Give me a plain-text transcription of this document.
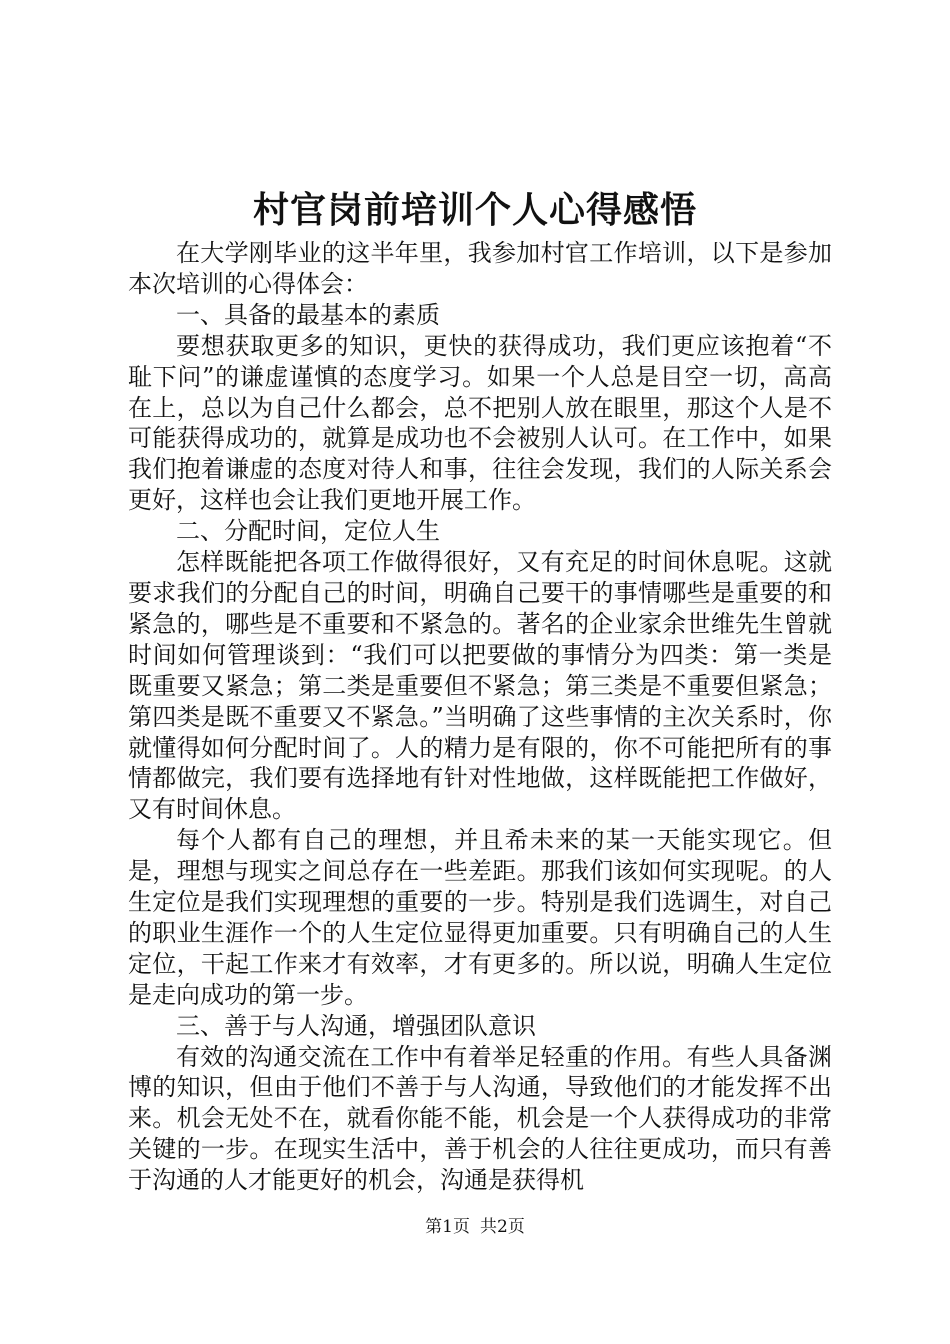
村官岗前培训个人心得感悟

在大学刚毕业的这半年里，我参加村官工作培训，以下是参加本次培训的心得体会：

一、具备的最基本的素质

要想获取更多的知识，更快的获得成功，我们更应该抱着“不耻下问”的谦虚谨慎的态度学习。如果一个人总是目空一切，高高在上，总以为自己什么都会，总不把别人放在眼里，那这个人是不可能获得成功的，就算是成功也不会被别人认可。在工作中，如果我们抱着谦虚的态度对待人和事，往往会发现，我们的人际关系会更好，这样也会让我们更地开展工作。

二、分配时间，定位人生

怎样既能把各项工作做得很好，又有充足的时间休息呢。这就要求我们的分配自己的时间，明确自己要干的事情哪些是重要的和紧急的，哪些是不重要和不紧急的。著名的企业家余世维先生曾就时间如何管理谈到：“我们可以把要做的事情分为四类：第一类是既重要又紧急；第二类是重要但不紧急；第三类是不重要但紧急；第四类是既不重要又不紧急。”当明确了这些事情的主次关系时，你就懂得如何分配时间了。人的精力是有限的，你不可能把所有的事情都做完，我们要有选择地有针对性地做，这样既能把工作做好，又有时间休息。

每个人都有自己的理想，并且希未来的某一天能实现它。但是，理想与现实之间总存在一些差距。那我们该如何实现呢。的人生定位是我们实现理想的重要的一步。特别是我们选调生，对自己的职业生涯作一个的人生定位显得更加重要。只有明确自己的人生定位，干起工作来才有效率，才有更多的。所以说，明确人生定位是走向成功的第一步。

三、善于与人沟通，增强团队意识

有效的沟通交流在工作中有着举足轻重的作用。有些人具备渊博的知识，但由于他们不善于与人沟通，导致他们的才能发挥不出来。机会无处不在，就看你能不能，机会是一个人获得成功的非常关键的一步。在现实生活中，善于机会的人往往更成功，而只有善于沟通的人才能更好的机会，沟通是获得机

第1页 共2页
